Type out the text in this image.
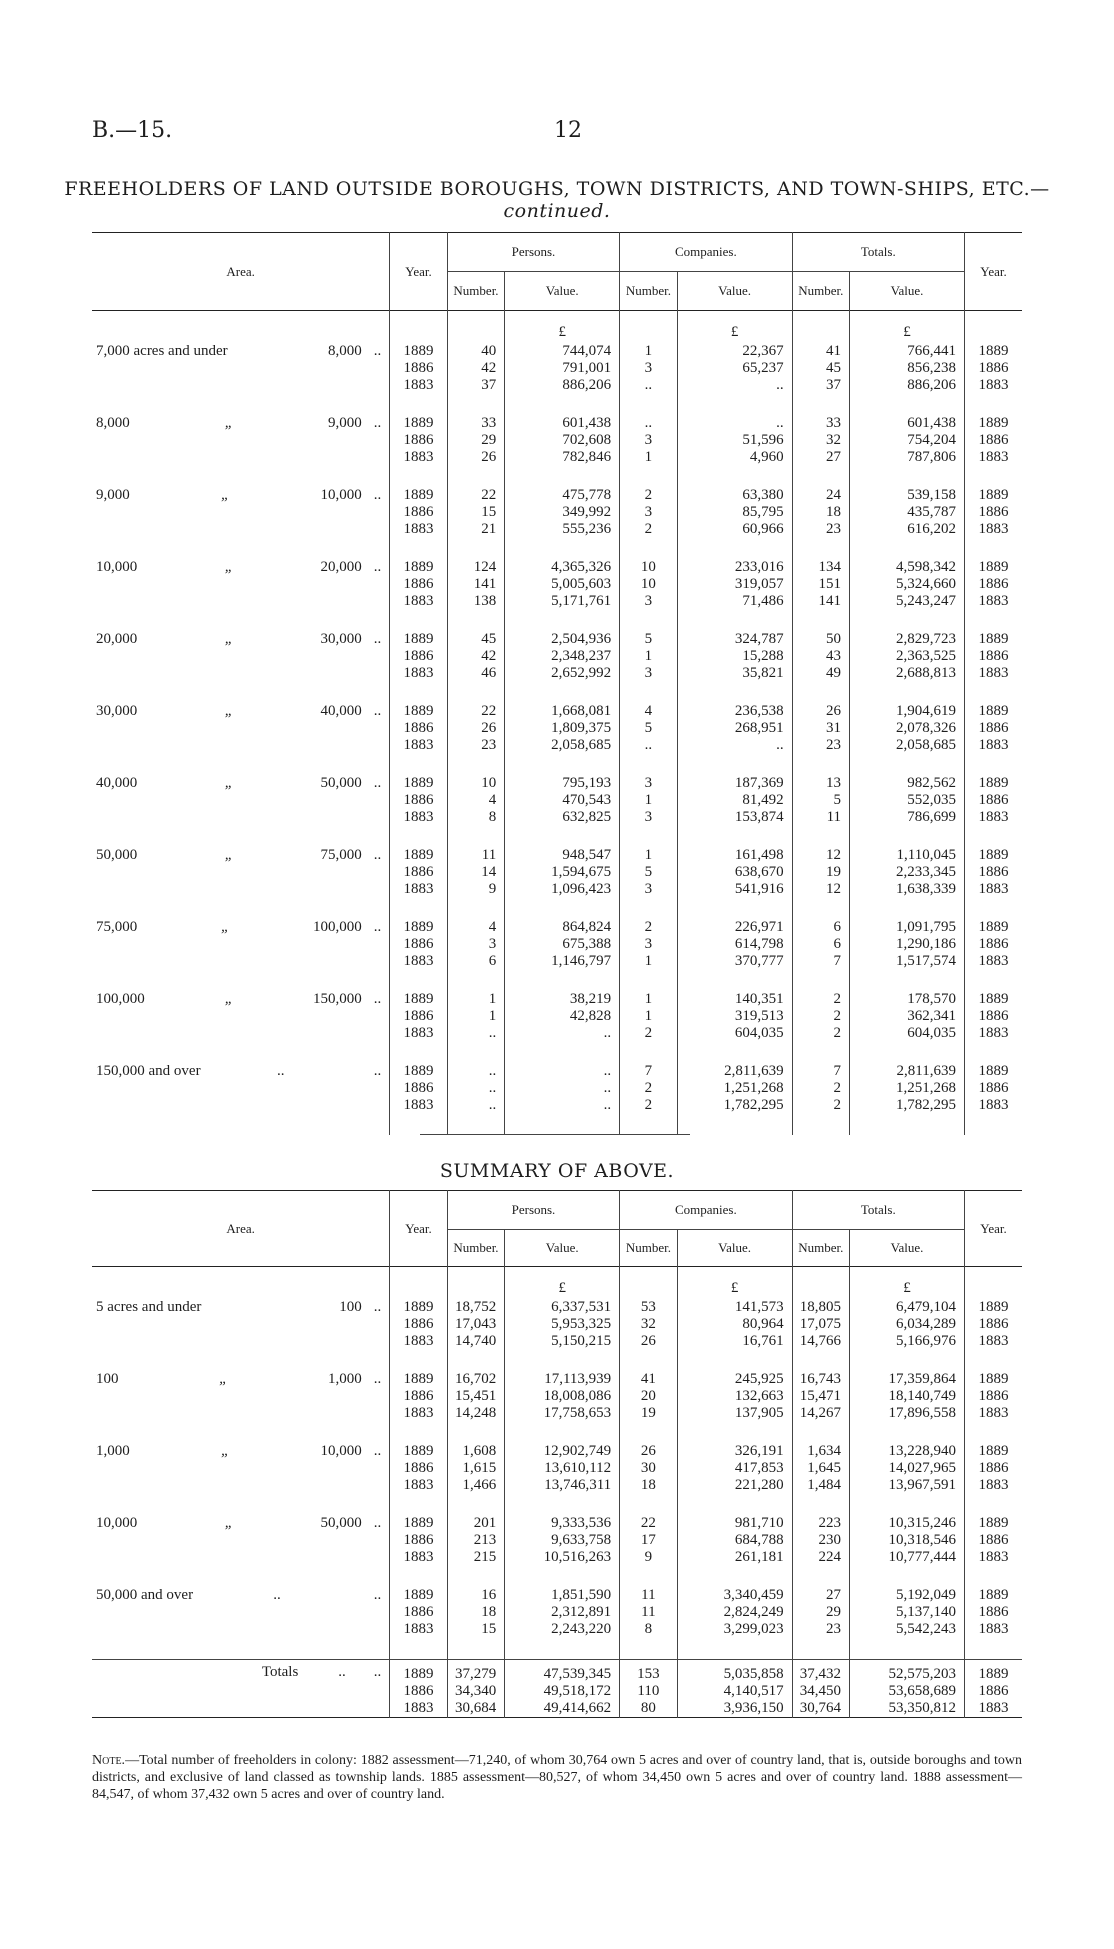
B.—15.	12
FREEHOLDERS OF LAND OUTSIDE BOROUGHS, TOWN DISTRICTS, AND TOWN-SHIPS, ETC.—continued.
Area.	Year.	Persons.		Companies.		Totals.		Year.
		Number.	Value.	Number.	Value.	Number.	Value.	
			£		£		£	

7,000 acres and under 8,000 ..	1889	40	744,074	1	22,367	41	766,441	1889
	1886	42	791,001	3	65,237	45	856,238	1886
	1883	37	886,206	..	..	37	886,206	1883

8,000 „ 9,000 ..	1889	33	601,438	..	..	33	601,438	1889
	1886	29	702,608	3	51,596	32	754,204	1886
	1883	26	782,846	1	4,960	27	787,806	1883

9,000 „ 10,000 ..	1889	22	475,778	2	63,380	24	539,158	1889
	1886	15	349,992	3	85,795	18	435,787	1886
	1883	21	555,236	2	60,966	23	616,202	1883

10,000 „ 20,000 ..	1889	124	4,365,326	10	233,016	134	4,598,342	1889
	1886	141	5,005,603	10	319,057	151	5,324,660	1886
	1883	138	5,171,761	3	71,486	141	5,243,247	1883

20,000 „ 30,000 ..	1889	45	2,504,936	5	324,787	50	2,829,723	1889
	1886	42	2,348,237	1	15,288	43	2,363,525	1886
	1883	46	2,652,992	3	35,821	49	2,688,813	1883

30,000 „ 40,000 ..	1889	22	1,668,081	4	236,538	26	1,904,619	1889
	1886	26	1,809,375	5	268,951	31	2,078,326	1886
	1883	23	2,058,685	..	..	23	2,058,685	1883

40,000 „ 50,000 ..	1889	10	795,193	3	187,369	13	982,562	1889
	1886	4	470,543	1	81,492	5	552,035	1886
	1883	8	632,825	3	153,874	11	786,699	1883

50,000 „ 75,000 ..	1889	11	948,547	1	161,498	12	1,110,045	1889
	1886	14	1,594,675	5	638,670	19	2,233,345	1886
	1883	9	1,096,423	3	541,916	12	1,638,339	1883

75,000 „ 100,000 ..	1889	4	864,824	2	226,971	6	1,091,795	1889
	1886	3	675,388	3	614,798	6	1,290,186	1886
	1883	6	1,146,797	1	370,777	7	1,517,574	1883

100,000 „ 150,000 ..	1889	1	38,219	1	140,351	2	178,570	1889
	1886	1	42,828	1	319,513	2	362,341	1886
	1883	..	..	2	604,035	2	604,035	1883

150,000 and over .. ..	1889	..	..	7	2,811,639	7	2,811,639	1889
	1886	..	..	2	1,251,268	2	1,251,268	1886
	1883	..	..	2	1,782,295	2	1,782,295	1883

SUMMARY OF ABOVE.
Area.	Year.	Persons.		Companies.		Totals.		Year.
		Number.	Value.	Number.	Value.	Number.	Value.	
			£		£		£	

5 acres and under 100 ..	1889	18,752	6,337,531	53	141,573	18,805	6,479,104	1889
	1886	17,043	5,953,325	32	80,964	17,075	6,034,289	1886
	1883	14,740	5,150,215	26	16,761	14,766	5,166,976	1883

100 „ 1,000 ..	1889	16,702	17,113,939	41	245,925	16,743	17,359,864	1889
	1886	15,451	18,008,086	20	132,663	15,471	18,140,749	1886
	1883	14,248	17,758,653	19	137,905	14,267	17,896,558	1883

1,000 „ 10,000 ..	1889	1,608	12,902,749	26	326,191	1,634	13,228,940	1889
	1886	1,615	13,610,112	30	417,853	1,645	14,027,965	1886
	1883	1,466	13,746,311	18	221,280	1,484	13,967,591	1883

10,000 „ 50,000 ..	1889	201	9,333,536	22	981,710	223	10,315,246	1889
	1886	213	9,633,758	17	684,788	230	10,318,546	1886
	1883	215	10,516,263	9	261,181	224	10,777,444	1883

50,000 and over .. ..	1889	16	1,851,590	11	3,340,459	27	5,192,049	1889
	1886	18	2,312,891	11	2,824,249	29	5,137,140	1886
	1883	15	2,243,220	8	3,299,023	23	5,542,243	1883

Totals .. ..	1889	37,279	47,539,345	153	5,035,858	37,432	52,575,203	1889
	1886	34,340	49,518,172	110	4,140,517	34,450	53,658,689	1886
	1883	30,684	49,414,662	80	3,936,150	30,764	53,350,812	1883
Note.—Total number of freeholders in colony: 1882 assessment—71,240, of whom 30,764 own 5 acres and over of country land, that is, outside boroughs and town districts, and exclusive of land classed as township lands. 1885 assessment—80,527, of whom 34,450 own 5 acres and over of country land. 1888 assessment—84,547, of whom 37,432 own 5 acres and over of country land.
